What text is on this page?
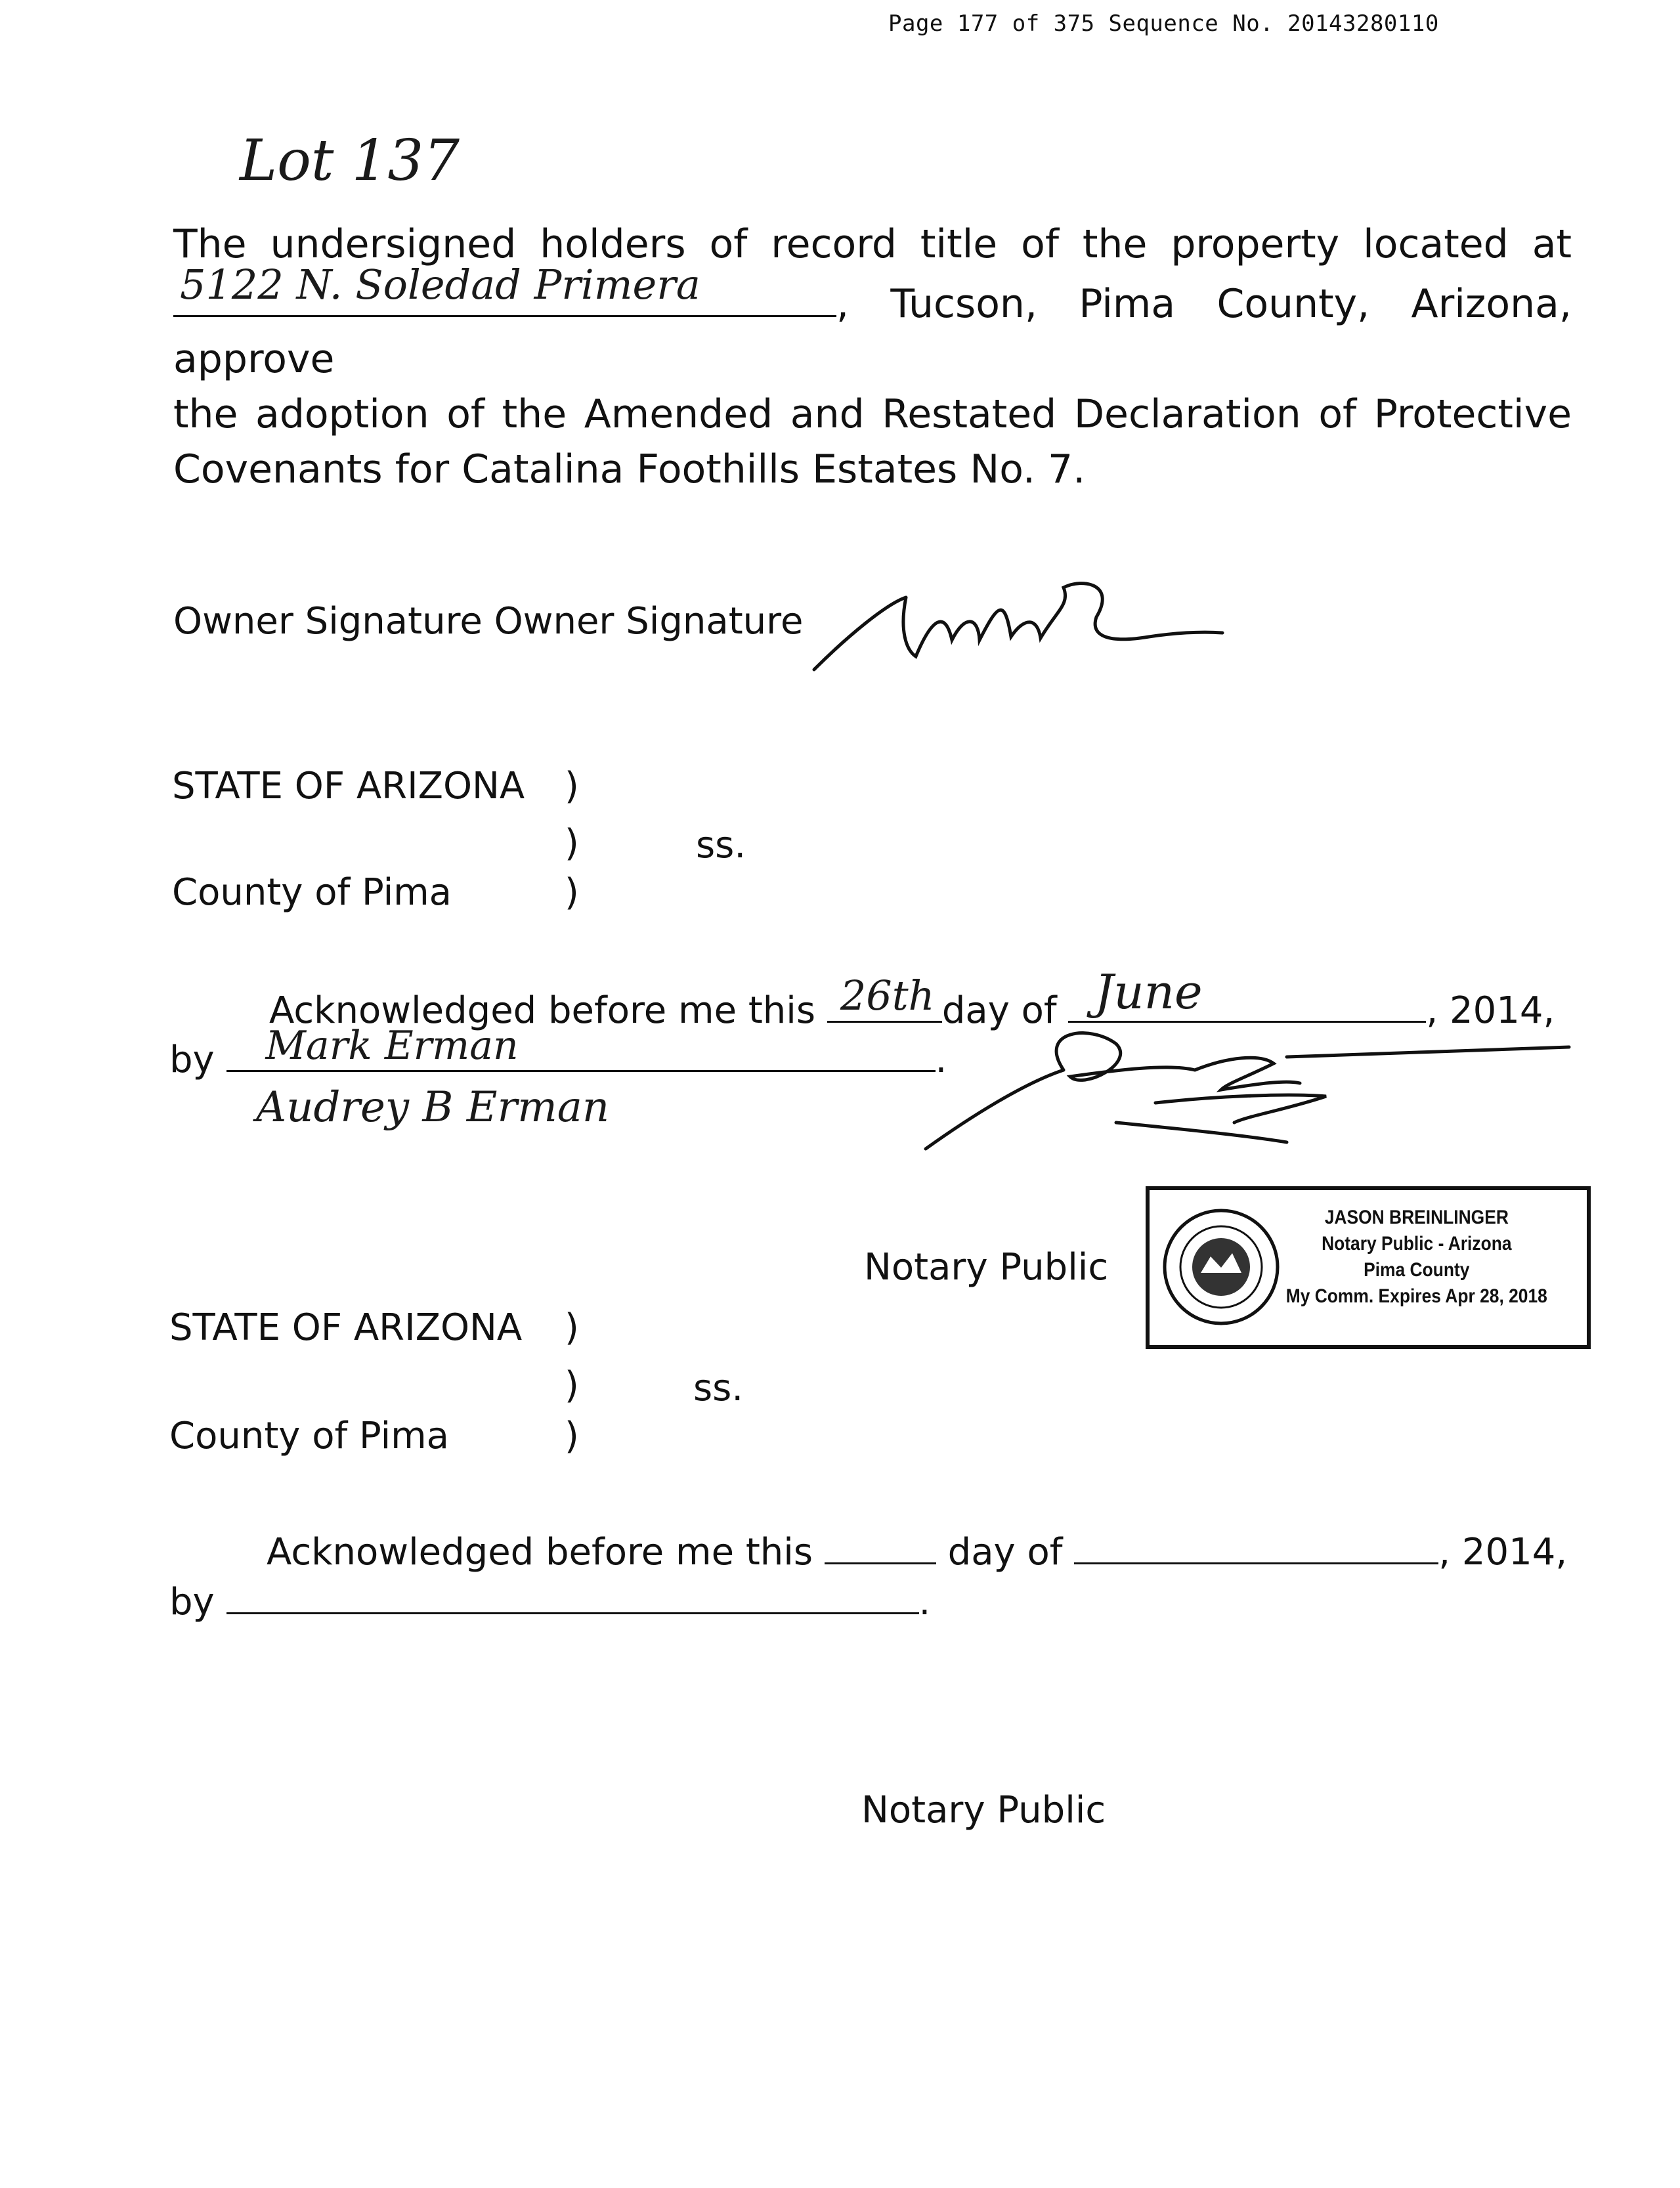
Page 177 of 375 Sequence No. 20143280110
Lot 137
The undersigned holders of record title of the property located at
5122 N. Soledad Primera	, Tucson, Pima County, Arizona, approve
the adoption of the Amended and Restated Declaration of Protective
Covenants for Catalina Foothills Estates No. 7.
Owner Signature Owner Signature
STATE OF ARIZONA )
)	ss.
County of Pima	)
Acknowledged before me this 26th day of June	, 2014,
by Mark Erman	.
Audrey B Erman
Notary Public
JASON BREINLINGER
Notary Public - Arizona
Pima County
My Comm. Expires Apr 28, 2018
STATE OF ARIZONA )
)	ss.
County of Pima	)
Acknowledged before me this	day of	, 2014,
by	.
Notary Public
